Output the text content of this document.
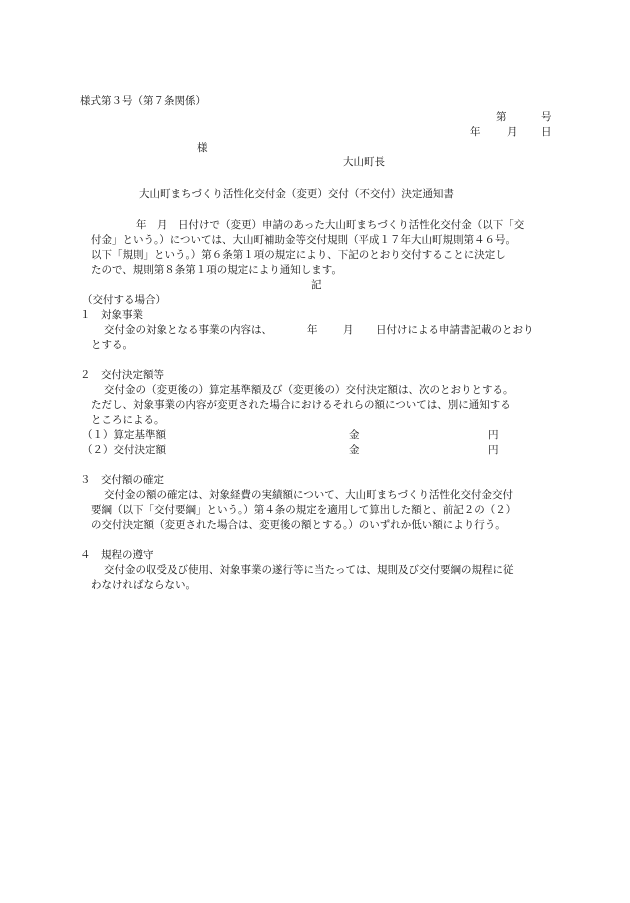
様式第３号（第７条関係）
第	号
年	月 日
様
大山町長
大山町まちづくり活性化交付金（変更）交付（不交付）決定通知書
年　月　日付けで（変更）申請のあった大山町まちづくり活性化交付金（以下「交
付金」という。）については、大山町補助金等交付規則（平成１７年大山町規則第４６号。
以下「規則」という。）第６条第１項の規定により、下記のとおり交付することに決定し
たので、規則第８条第１項の規定により通知します。
記
（交付する場合）
１　対象事業
交付金の対象となる事業の内容は、	年 月 日付けによる申請書記載のとおり
とする。
２　交付決定額等
交付金の（変更後の）算定基準額及び（変更後の）交付決定額は、次のとおりとする。
ただし、対象事業の内容が変更された場合におけるそれらの額については、別に通知する
ところによる。
（１）算定基準額	金	円
（２）交付決定額	金	円
３　交付額の確定
交付金の額の確定は、対象経費の実績額について、大山町まちづくり活性化交付金交付
要綱（以下「交付要綱」という。）第４条の規定を適用して算出した額と、前記２の（２）
の交付決定額（変更された場合は、変更後の額とする。）のいずれか低い額により行う。
４　規程の遵守
交付金の収受及び使用、対象事業の遂行等に当たっては、規則及び交付要綱の規程に従
わなければならない。
